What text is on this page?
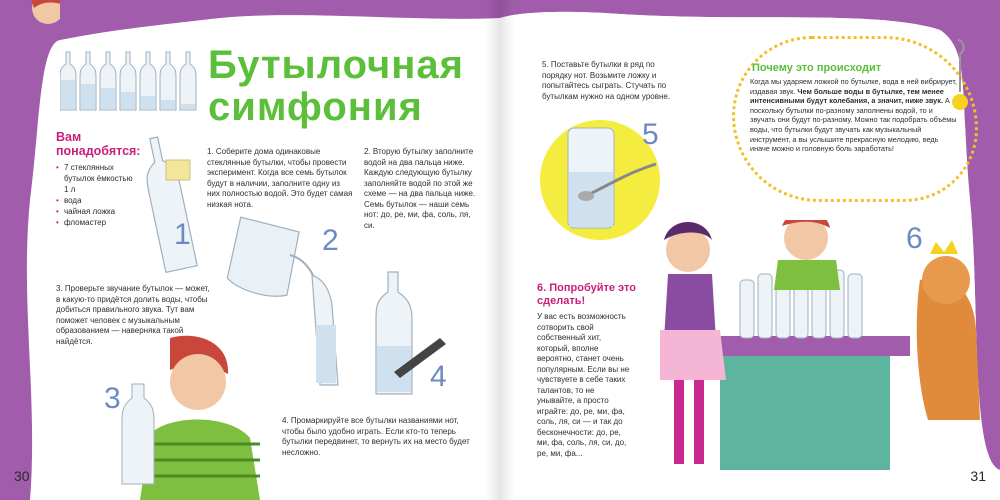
Бутылочная
симфония
Вам понадобятся:
• 7 стеклянных бутылок ёмкостью 1 л
• вода
• чайная ложка
• фломастер	1
1. Соберите дома одинаковые стеклянные бутылки, чтобы провести эксперимент. Когда все семь бутылок будут в наличии, заполните одну из них полностью водой. Это будет самая низкая нота.
2. Вторую бутылку заполните водой на два пальца ниже. Каждую следующую бутылку заполняйте водой по этой же схеме — на два пальца ниже. Семь бутылок — наши семь нот: до, ре, ми, фа, соль, ля, си.
2
4
3. Проверьте звучание бутылок — может, в какую-то придётся долить воды, чтобы добиться правильного звука. Тут вам поможет человек с музыкальным образованием — наверняка такой найдётся.
3
4. Промаркируйте все бутылки названиями нот, чтобы было удобно играть. Если кто-то теперь бутылки передвинет, то вернуть их на место будет несложно.
30
5. Поставьте бутылки в ряд по порядку нот. Возьмите ложку и попытайтесь сыграть. Стучать по бутылкам нужно на одном уровне.
5
6. Попробуйте это сделать!
У вас есть возможность сотворить свой собственный хит, который, вполне вероятно, станет очень популярным. Если вы не чувствуете в себе таких талантов, то не унывайте, а просто играйте: до, ре, ми, фа, соль, ля, си — и так до бесконечности: до, ре, ми, фа, соль, ля, си, до, ре, ми, фа...
Почему это происходит
Когда мы ударяем ложкой по бутылке, вода в ней вибрирует, издавая звук. Чем больше воды в бутылке, тем менее интенсивными будут колебания, а значит, ниже звук. А поскольку бутылки по-разному заполнены водой, то и звучать они будут по-разному. Можно так подобрать объёмы воды, что бутылки будут звучать как музыкальный инструмент, а вы услышите прекрасную мелодию, ведь иначе можно и головную боль заработать!
6
31
